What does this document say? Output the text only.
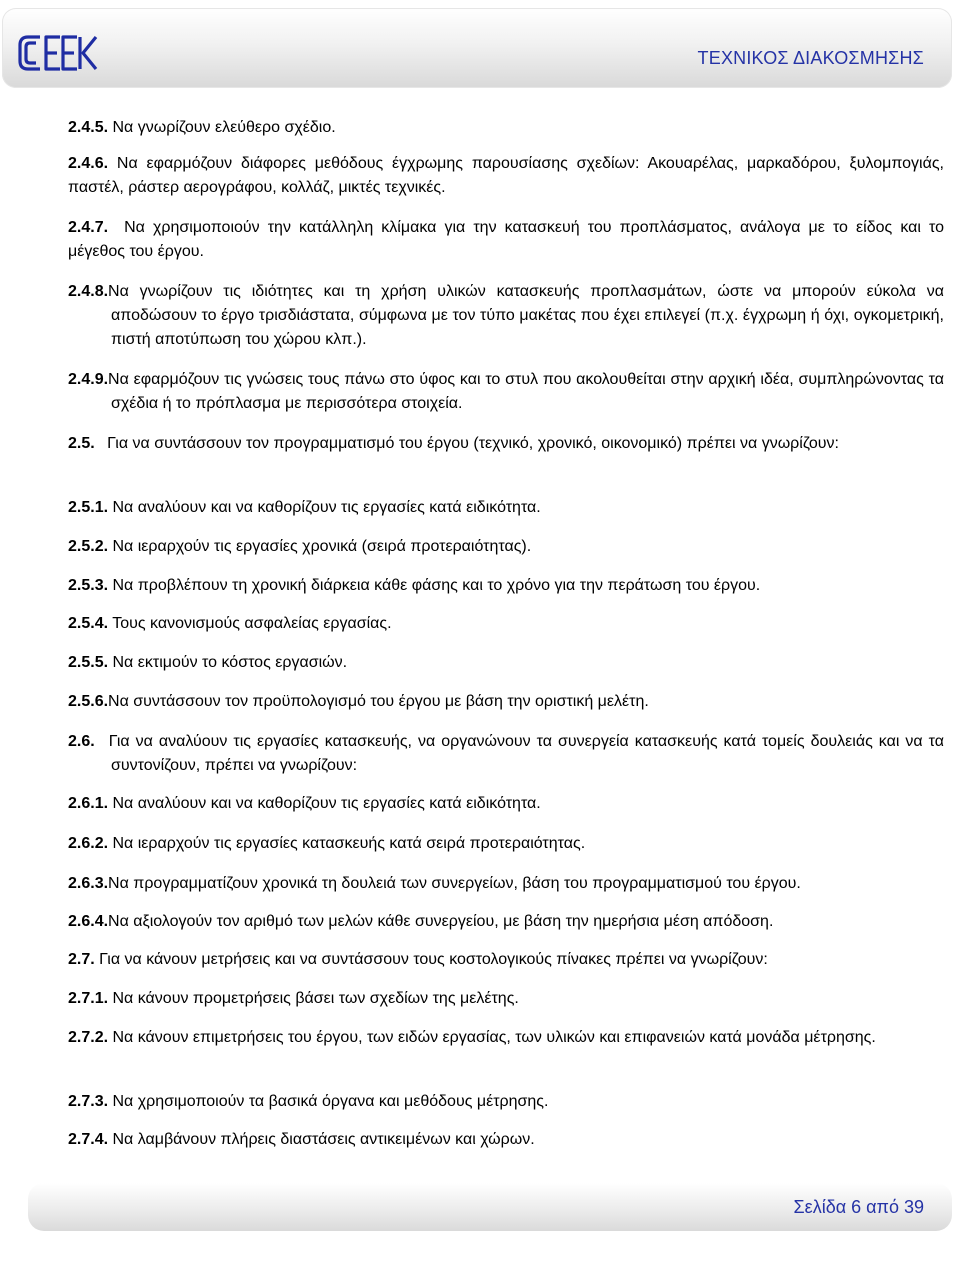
ΤΕΧΝΙΚΟΣ ΔΙΑΚΟΣΜΗΣΗΣ
2.4.5. Να γνωρίζουν ελεύθερο σχέδιο.
2.4.6. Να εφαρμόζουν διάφορες μεθόδους έγχρωμης παρουσίασης σχεδίων: Ακουαρέλας, μαρκαδόρου, ξυλομπογιάς, παστέλ, ράστερ αερογράφου, κολλάζ, μικτές τεχνικές.
2.4.7. Να χρησιμοποιούν την κατάλληλη κλίμακα για την κατασκευή του προπλάσματος, ανάλογα με το είδος και το μέγεθος του έργου.
2.4.8.Να γνωρίζουν τις ιδιότητες και τη χρήση υλικών κατασκευής προπλασμάτων, ώστε να μπορούν εύκολα να αποδώσουν το έργο τρισδιάστατα, σύμφωνα με τον τύπο μακέτας που έχει επιλεγεί (π.χ. έγχρωμη ή όχι, ογκομετρική, πιστή αποτύπωση του χώρου κλπ.).
2.4.9.Να εφαρμόζουν τις γνώσεις τους πάνω στο ύφος και το στυλ που ακολουθείται στην αρχική ιδέα, συμπληρώνοντας τα σχέδια ή το πρόπλασμα με περισσότερα στοιχεία.
2.5. Για να συντάσσουν τον προγραμματισμό του έργου (τεχνικό, χρονικό, οικονομικό) πρέπει να γνωρίζουν:
2.5.1. Να αναλύουν και να καθορίζουν τις εργασίες κατά ειδικότητα.
2.5.2. Να ιεραρχούν τις εργασίες χρονικά (σειρά προτεραιότητας).
2.5.3. Να προβλέπουν τη χρονική διάρκεια κάθε φάσης και το χρόνο για την περάτωση του έργου.
2.5.4. Τους κανονισμούς ασφαλείας εργασίας.
2.5.5. Να εκτιμούν το κόστος εργασιών.
2.5.6.Να συντάσσουν τον προϋπολογισμό του έργου με βάση την οριστική μελέτη.
2.6. Για να αναλύουν τις εργασίες κατασκευής, να οργανώνουν τα συνεργεία κατασκευής κατά τομείς δουλειάς και να τα συντονίζουν, πρέπει να γνωρίζουν:
2.6.1. Να αναλύουν και να καθορίζουν τις εργασίες κατά ειδικότητα.
2.6.2. Να ιεραρχούν τις εργασίες κατασκευής κατά σειρά προτεραιότητας.
2.6.3.Να προγραμματίζουν χρονικά τη δουλειά των συνεργείων, βάση του προγραμματισμού του έργου.
2.6.4.Να αξιολογούν τον αριθμό των μελών κάθε συνεργείου, με βάση την ημερήσια μέση απόδοση.
2.7. Για να κάνουν μετρήσεις και να συντάσσουν τους κοστολογικούς πίνακες πρέπει να γνωρίζουν:
2.7.1. Να κάνουν προμετρήσεις βάσει των σχεδίων της μελέτης.
2.7.2. Να κάνουν επιμετρήσεις του έργου, των ειδών εργασίας, των υλικών και επιφανειών κατά μονάδα μέτρησης.
2.7.3. Να χρησιμοποιούν τα βασικά όργανα και μεθόδους μέτρησης.
2.7.4. Να λαμβάνουν πλήρεις διαστάσεις αντικειμένων και χώρων.
Σελίδα 6 από 39
